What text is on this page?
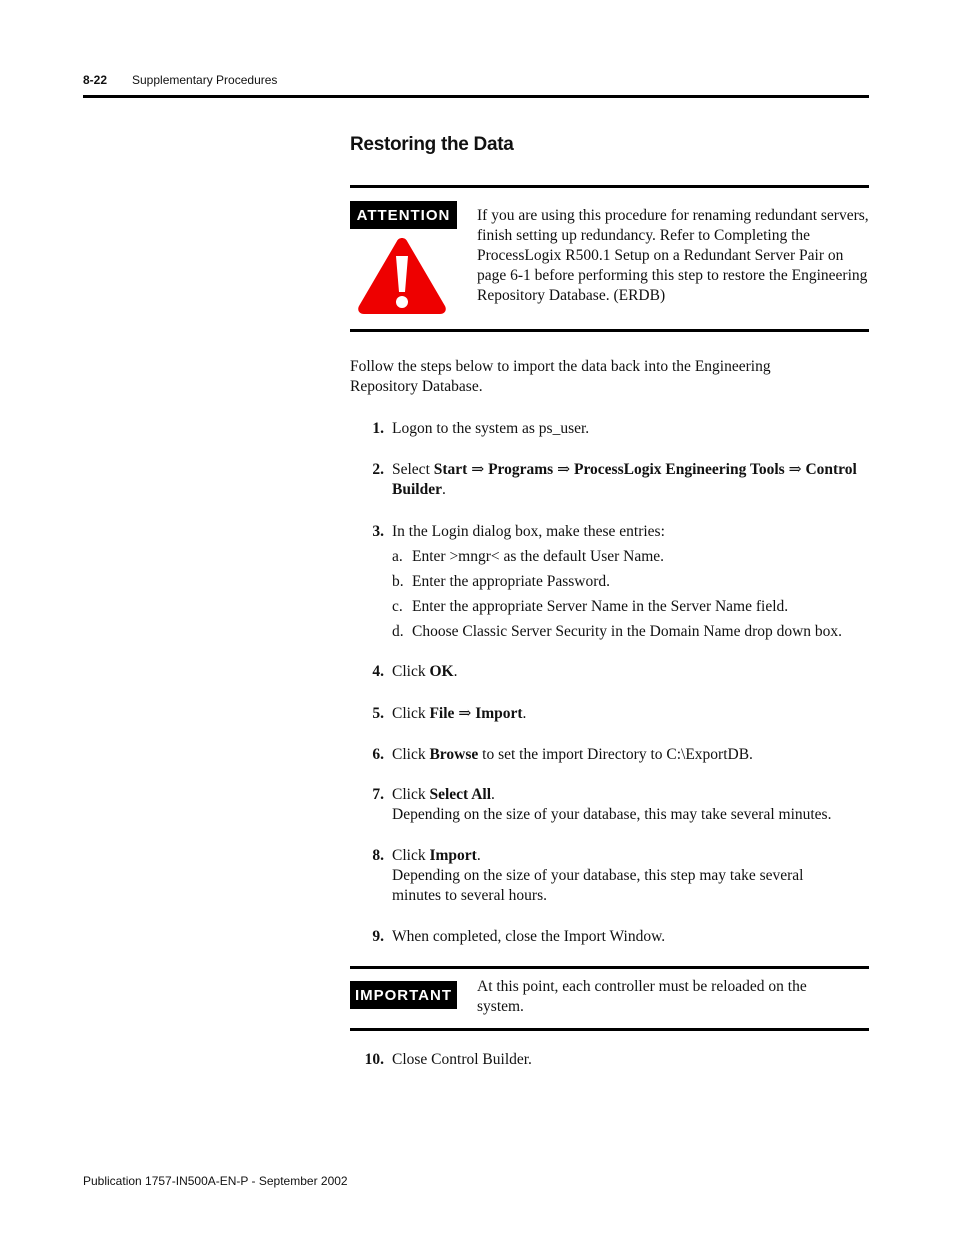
8-22 Supplementary Procedures
Restoring the Data
ATTENTION	If you are using this procedure for renaming redundant servers, finish setting up redundancy. Refer to Completing the ProcessLogix R500.1 Setup on a Redundant Server Pair on page 6-1 before performing this step to restore the Engineering Repository Database. (ERDB)
Follow the steps below to import the data back into the Engineering Repository Database.
1. Logon to the system as ps_user.
2. Select Start ⇒ Programs ⇒ ProcessLogix Engineering Tools ⇒ Control Builder.
3. In the Login dialog box, make these entries:
a. Enter >mngr< as the default User Name.
b. Enter the appropriate Password.
c. Enter the appropriate Server Name in the Server Name field.
d. Choose Classic Server Security in the Domain Name drop down box.
4. Click OK.
5. Click File ⇒ Import.
6. Click Browse to set the import Directory to C:\ExportDB.
7. Click Select All.
Depending on the size of your database, this may take several minutes.
8. Click Import.
Depending on the size of your database, this step may take several minutes to several hours.
9. When completed, close the Import Window.
IMPORTANT	At this point, each controller must be reloaded on the system.
10. Close Control Builder.
Publication 1757-IN500A-EN-P - September 2002
